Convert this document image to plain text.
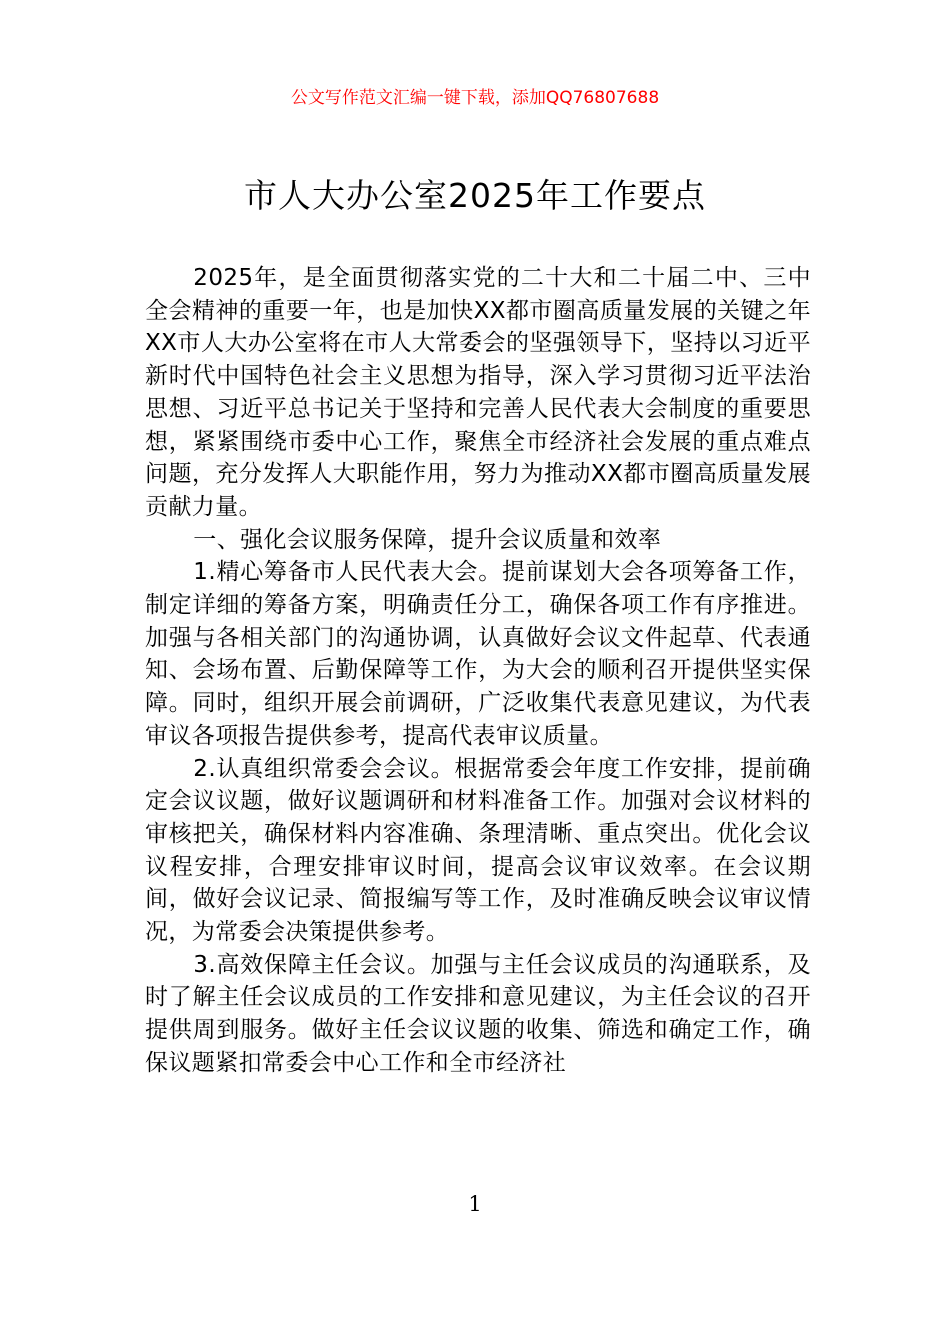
公文写作范文汇编一键下载，添加QQ76807688
市人大办公室2025年工作要点

2025年，是全面贯彻落实党的二十大和二十届二中、三中全会精神的重要一年，也是加快XX都市圈高质量发展的关键之年XX市人大办公室将在市人大常委会的坚强领导下，坚持以习近平新时代中国特色社会主义思想为指导，深入学习贯彻习近平法治思想、习近平总书记关于坚持和完善人民代表大会制度的重要思想，紧紧围绕市委中心工作，聚焦全市经济社会发展的重点难点问题，充分发挥人大职能作用，努力为推动XX都市圈高质量发展贡献力量。

一、强化会议服务保障，提升会议质量和效率

1.精心筹备市人民代表大会。提前谋划大会各项筹备工作，制定详细的筹备方案，明确责任分工，确保各项工作有序推进。加强与各相关部门的沟通协调，认真做好会议文件起草、代表通知、会场布置、后勤保障等工作，为大会的顺利召开提供坚实保障。同时，组织开展会前调研，广泛收集代表意见建议，为代表审议各项报告提供参考，提高代表审议质量。

2.认真组织常委会会议。根据常委会年度工作安排，提前确定会议议题，做好议题调研和材料准备工作。加强对会议材料的审核把关，确保材料内容准确、条理清晰、重点突出。优化会议议程安排，合理安排审议时间，提高会议审议效率。在会议期间，做好会议记录、简报编写等工作，及时准确反映会议审议情况，为常委会决策提供参考。

3.高效保障主任会议。加强与主任会议成员的沟通联系，及时了解主任会议成员的工作安排和意见建议，为主任会议的召开提供周到服务。做好主任会议议题的收集、筛选和确定工作，确保议题紧扣常委会中心工作和全市经济社

1
